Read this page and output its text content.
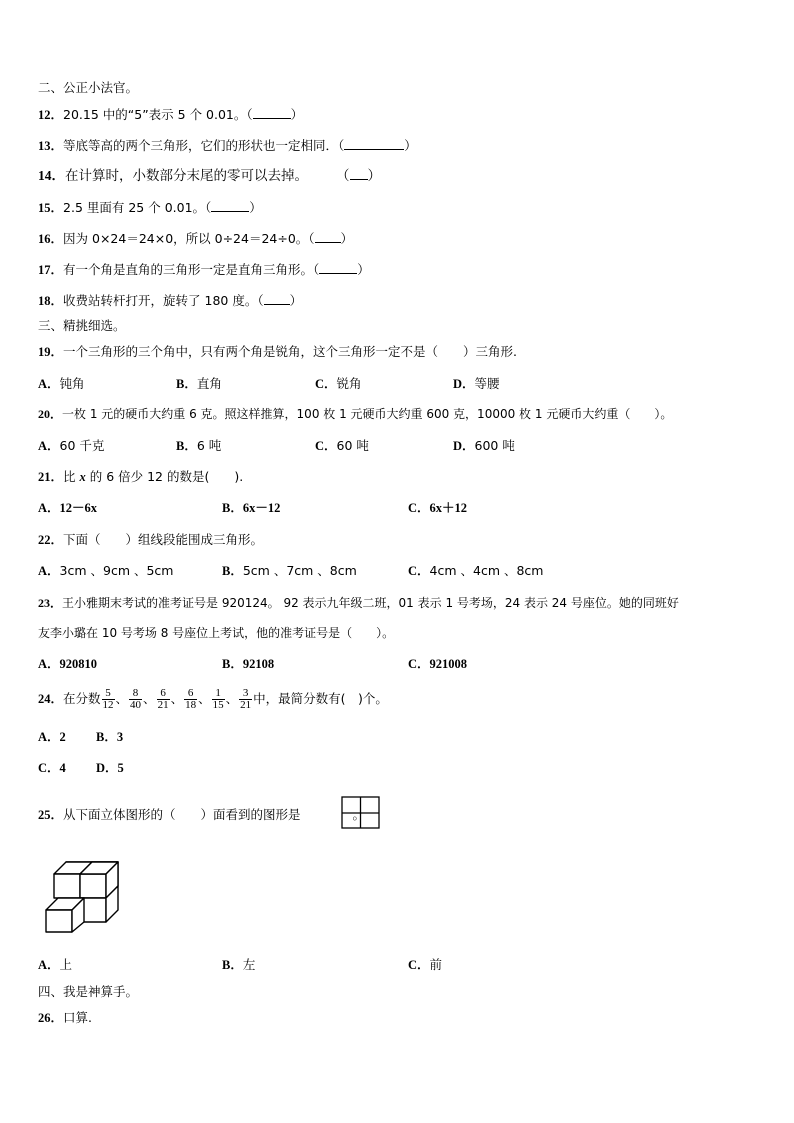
二、公正小法官。
12．20.15 中的“5”表示 5 个 0.01。（	）
13．等底等高的两个三角形，它们的形状也一定相同．（	）
14．在计算时，小数部分末尾的零可以去掉。 （ ）
15．2.5 里面有 25 个 0.01。（	）
16．因为 0×24＝24×0，所以 0÷24＝24÷0。（ ）
17．有一个角是直角的三角形一定是直角三角形。（	）
18．收费站转杆打开，旋转了 180 度。（ ）
三、精挑细选。
19．一个三角形的三个角中，只有两个角是锐角，这个三角形一定不是（　　）三角形.
A．钝角	B．直角	C．锐角	D．等腰
20．一枚 1 元的硬币大约重 6 克。照这样推算，100 枚 1 元硬币大约重 600 克，10000 枚 1 元硬币大约重（　　）。
A．60 千克	B．6 吨	C．60 吨	D．600 吨
21．比 x 的 6 倍少 12 的数是(　　).
A．12－6x	B．6x－12	C．6x＋12
22．下面（　　）组线段能围成三角形。
A．3cm 、9cm 、5cm	B．5cm 、7cm 、8cm	C．4cm 、4cm 、8cm
23．王小雅期末考试的准考证号是 920124。 92 表示九年级二班，01 表示 1 号考场，24 表示 24 号座位。她的同班好
友李小璐在 10 号考场 8 号座位上考试，他的准考证号是（　　）。
A．920810	B．92108	C．921008
24．在分数 $\frac{5}{12}$ 、 $\frac{8}{40}$ 、 $\frac{6}{21}$ 、 $\frac{6}{18}$ 、 $\frac{1}{15}$ 、 $\frac{3}{21}$ 中，最简分数有(　)个。
A．2 B．3
C．4 D．5
25．从下面立体图形的（　　）面看到的图形是	。
A．上	B．左	C．前
四、我是神算手。
26．口算.
